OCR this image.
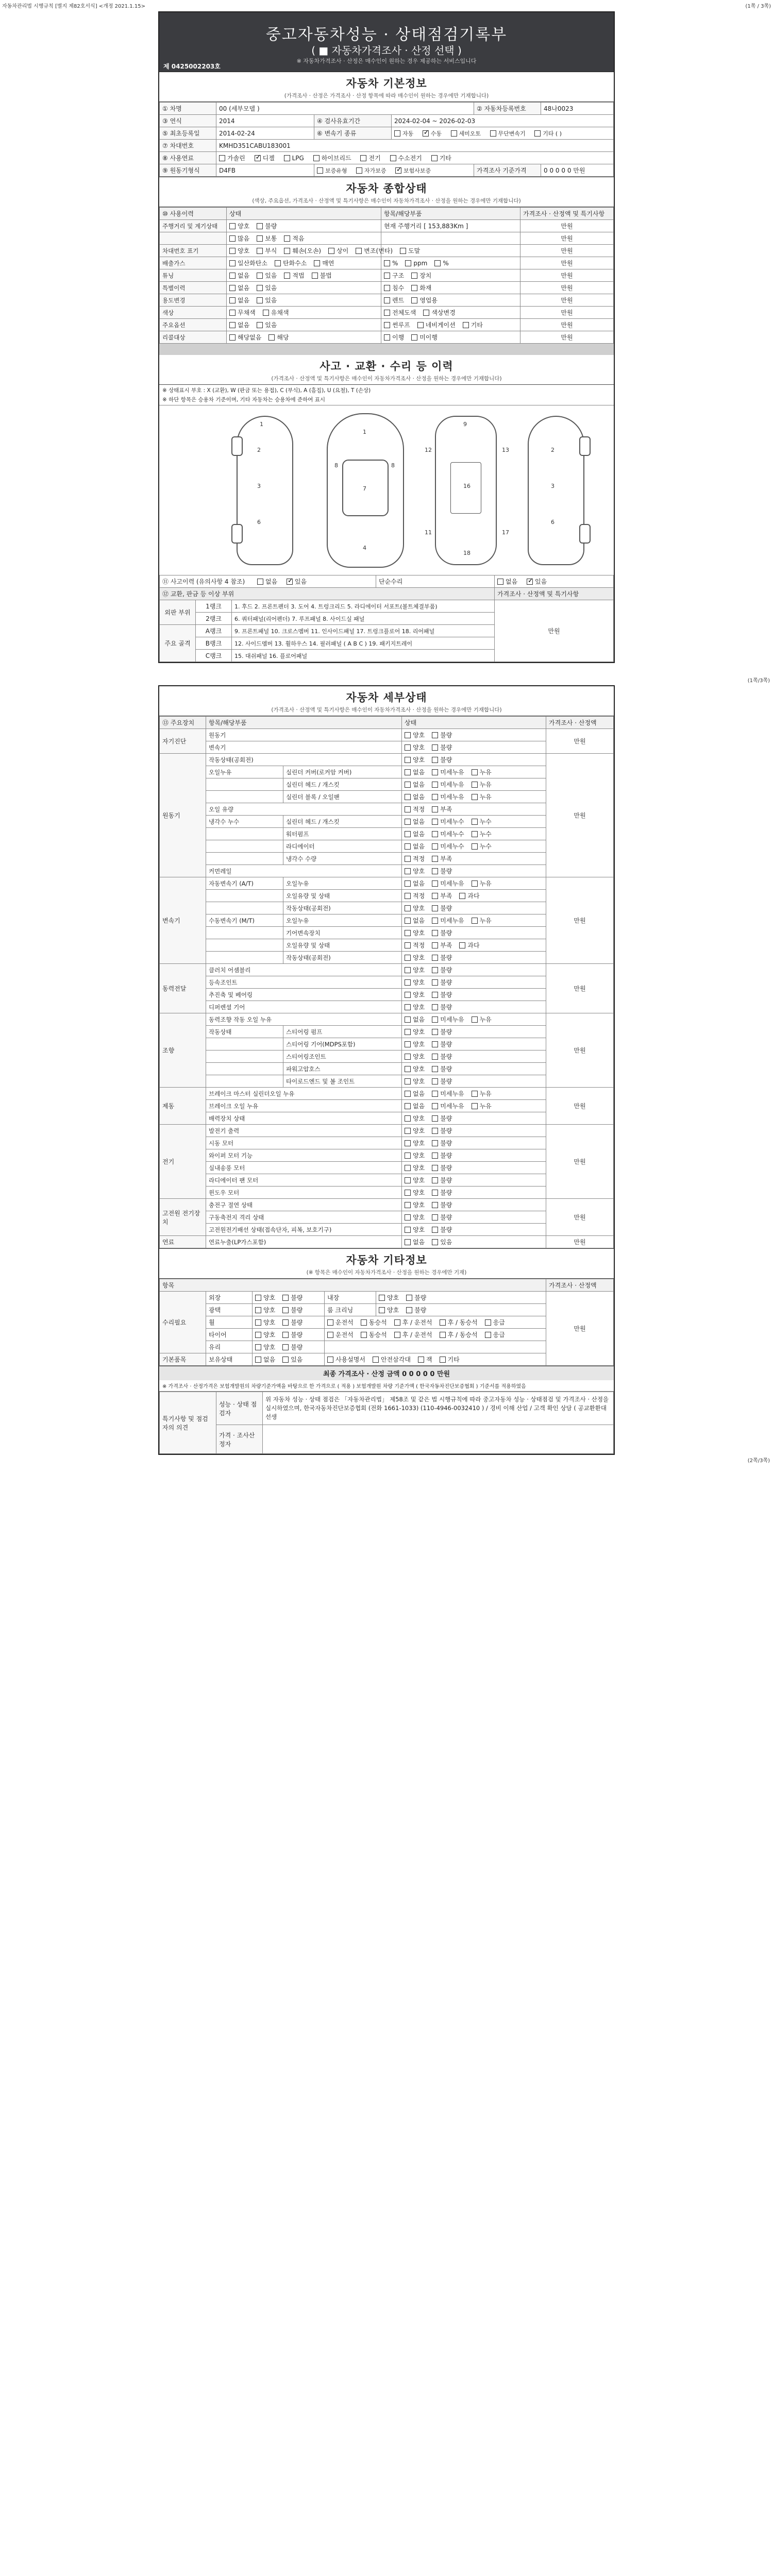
자동차관리법 시행규칙 [별지 제82호서식] <개정 2021.1.15>	(1쪽 / 3쪽)
중고자동차성능 · 상태점검기록부
( ■ 자동차가격조사 · 산정 선택 )
※ 자동차가격조사 · 산정은 매수인이 원하는 경우 제공하는 서비스입니다
제 0425002203호
자동차 기본정보
(가격조사 · 산정은 가격조사 · 산정 항목에 따라 매수인이 원하는 경우에만 기재합니다)
① 차명	00 (세부모델 )			② 자동차등록번호	48나0023
③ 연식	2014	④ 검사유효기간	2024-02-04 ~ 2026-02-03		
⑤ 최초등록일	2014-02-24	⑥ 변속기 종류	자동 ✓ 수동 세미오토 무단변속기 기타 ( )
⑦ 차대번호	KMHD351CABU183001				
⑧ 사용연료	가솔린 ✓ 디젤 LPG 하이브리드 전기 수소전기 기타
⑨ 원동기형식	D4FB	보증유형 자가보증 ✓ 보험사보증		가격조사 기준가격	0 0 0 0 0 만원
자동차 종합상태
(색상, 주요옵션, 가격조사 · 산정액 및 특기사항은 매수인이 자동차가격조사 · 산정을 원하는 경우에만 기재합니다)
⑩ 사용이력	상태	항목/해당부품	가격조사 · 산정액 및 특기사항
주행거리 및 계기상태	양호 불량	현재 주행거리 [ 153,883Km ]	만원
	많음 보통 적음		만원
차대번호 표기	양호 부식 훼손(오손) 상이 변조(변타) 도말		만원
배출가스	일산화탄소 탄화수소 매연	% ppm %	만원
튜닝	없음 있음 적법 불법	구조 장치	만원
특별이력	없음 있음	침수 화재	만원
용도변경	없음 있음	렌트 영업용	만원
색상	무채색 유채색	전체도색 색상변경	만원
주요옵션	없음 있음	썬루프 네비게이션 기타	만원
리콜대상	해당없음 해당	이행 미이행	만원
사고 · 교환 · 수리 등 이력
(가격조사 · 산정액 및 특기사항은 매수인이 자동차가격조사 · 산정을 원하는 경우에만 기재합니다)
※ 상태표시 부호 : X (교환), W (판금 또는 용접), C (부식), A (흠집), U (요철), T (손상)
※ 하단 항목은 승용차 기준이며, 기타 자동차는 승용차에 준하여 표시
2
3
6
1
1
7
4
8	8
9
16
18
12	13
11	17
2
3
6
⑪ 사고이력 (유의사항 4 참조) 없음 ✓ 있음			단순수리	없음 ✓ 있음
⑫ 교환, 판금 등 이상 부위				가격조사 · 산정액 및 특기사항
외판 부위	1랭크	1. 후드 2. 프론트펜더 3. 도어 4. 트렁크리드 5. 라디에이터 서포트(볼트체결부품)		만원
	2랭크	6. 쿼터패널(리어펜더) 7. 루프패널 8. 사이드실 패널		
주요 골격	A랭크	9. 프론트패널 10. 크로스멤버 11. 인사이드패널 17. 트렁크플로어 18. 리어패널		
	B랭크	12. 사이드멤버 13. 휠하우스 14. 필러패널 ( A B C ) 19. 패키지트레이		
	C랭크	15. 대쉬패널 16. 플로어패널		
(1쪽/3쪽)
자동차 세부상태
(가격조사 · 산정액 및 특기사항은 매수인이 자동차가격조사 · 산정을 원하는 경우에만 기재합니다)
⑬ 주요장치	항목/해당부품		상태	가격조사 · 산정액
자기진단	원동기		양호 불량	만원
	변속기		양호 불량	
원동기	작동상태(공회전)		양호 불량	만원
	오일누유	실린더 커버(로커암 커버)	없음 미세누유 누유	
		실린더 헤드 / 개스킷	없음 미세누유 누유	
		실린더 블록 / 오일팬	없음 미세누유 누유	
	오일 유량		적정 부족	
	냉각수 누수	실린더 헤드 / 개스킷	없음 미세누수 누수	
		워터펌프	없음 미세누수 누수	
		라디에이터	없음 미세누수 누수	
		냉각수 수량	적정 부족	
	커먼레일		양호 불량	
변속기	자동변속기 (A/T)	오일누유	없음 미세누유 누유	만원
		오일유량 및 상태	적정 부족 과다	
		작동상태(공회전)	양호 불량	
	수동변속기 (M/T)	오일누유	없음 미세누유 누유	
		기어변속장치	양호 불량	
		오일유량 및 상태	적정 부족 과다	
		작동상태(공회전)	양호 불량	
동력전달	클러치 어셈블리		양호 불량	만원
	등속조인트		양호 불량	
	추진축 및 베어링		양호 불량	
	디퍼렌셜 기어		양호 불량	
조향	동력조향 작동 오일 누유		없음 미세누유 누유	만원
	작동상태	스티어링 펌프	양호 불량	
		스티어링 기어(MDPS포함)	양호 불량	
		스티어링조인트	양호 불량	
		파워고압호스	양호 불량	
		타이로드엔드 및 볼 조인트	양호 불량	
제동	브레이크 마스터 실린더오일 누유		없음 미세누유 누유	만원
	브레이크 오일 누유		없음 미세누유 누유	
	배력장치 상태		양호 불량	
전기	발전기 출력		양호 불량	만원
	시동 모터		양호 불량	
	와이퍼 모터 기능		양호 불량	
	실내송풍 모터		양호 불량	
	라디에이터 팬 모터		양호 불량	
	윈도우 모터		양호 불량	
고전원 전기장치	충전구 절연 상태		양호 불량	만원
	구동축전지 격리 상태		양호 불량	
	고전원전기배선 상태(접속단자, 피복, 보호기구)		양호 불량	
연료	연료누출(LP가스포함)		없음 있음	만원
자동차 기타정보
(※ 항목은 매수인이 자동차가격조사 · 산정을 원하는 경우에만 기재)
항목					가격조사 · 산정액
수리필요	외장	양호 불량	내장	양호 불량	만원
	광택	양호 불량	룸 크리닝	양호 불량	
	휠	양호 불량	운전석 동승석 후 / 운전석 후 / 동승석 응급		
	타이어	양호 불량	운전석 동승석 후 / 운전석 후 / 동승석 응급		
	유리	양호 불량			
기본품목	보유상태	없음 있음	사용설명서 안전삼각대 잭 기타		
최종 가격조사 · 산정 금액 0 0 0 0 0 만원
※ 가격조사 · 산정가격은 보험개발원의 차량기준가액을 바탕으로 한 가격으로 ( 적용 ) 보험개발원 차량 기준가액 ( 한국자동차진단보증협회 ) 기준서를 적용하였음
특기사항 및 점검자의 의견	성능 · 상태 점검자	위 자동차 성능 · 상태 점검은 「자동차관리법」 제58조 및 같은 법 시행규칙에 따라 중고자동차 성능 · 상태점검 및 가격조사 · 산정을 실시하였으며, 한국자동차진단보증협회 (전화 1661-1033) (110-4946-0032410 ) / 경비 이해 산업 / 고객 확인 상담 ( 공교환환대 선생
	가격 · 조사산정자	
(2쪽/3쪽)
